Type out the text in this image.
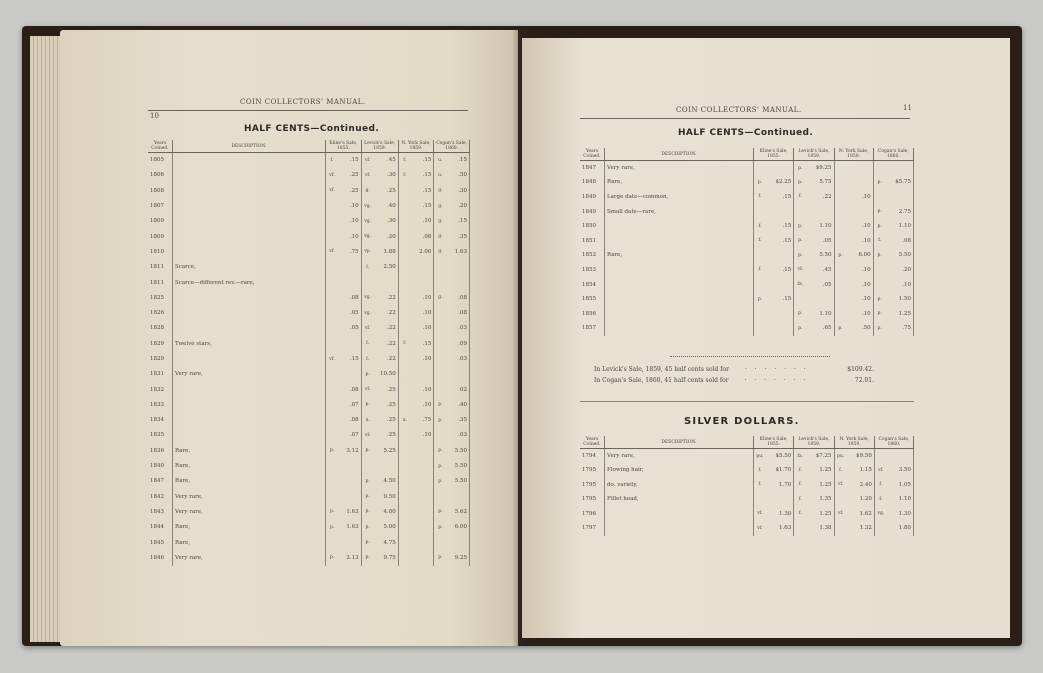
10
COIN COLLECTORS' MANUAL.
HALF CENTS—Continued.
Years Coined.	DESCRIPTION.	Kline's Sale, 1855.		Levick's Sale, 1859.		N. York Sale, 1859.		Cogan's Sale, 1860.	
1805		f.	.15	vf.	.45	f.	.15	u.	.15
1806		vf.	.25	vf.	.30	f.	.15	u.	.50
1808		vf.	.25	g.	.25		.15	g.	.30
1807			.10	vg.	.40		.15	g.	.20
1809			.10	vg.	.30		.10	g.	.15
1809			.10	vg.	.20		.08	g.	.35
1810		vf.	.75	vp.	1.88		2.00	g.	1.63
1811	Scarce,			f.	2.50				
1811	Scarce—different rev.—rare,								
1825			.08	vg.	.22		.10	g.	.08
1826			.05	vg.	.22		.10		.08
1828			.05	vf.	.22		.10		.03
1829	Twelve stars,			f.	.22	f.	.15		.09
1829		vf.	.15	f.	.22		.10		.03
1831	Very rare,			p.	10.50				
1832			.08	vf.	.25		.10		.02
1833			.07	p.	.25		.10	p.	.40
1834			.08	u.	.25	u.	.75	p.	.35
1835			.07	vf.	.25		.10		.03
1836	Rare,	p.	3.12	p.	5.25			p.	5.50
1840	Rare,							p.	5.50
1847	Rare,			p.	4.50			p.	5.50
1842	Very rare,			p.	9.50				
1843	Very rare,	p.	1.63	p.	4.00			p.	5.62
1844	Rare,	p.	1.63	p.	5.00			p.	6.00
1845	Rare,			p.	4.75				
1846	Very rare,	p.	2.13	p.	9.75			p.	9.25
COIN COLLECTORS' MANUAL.	11
HALF CENTS—Continued.
Years Coined.	DESCRIPTION.	Kline's Sale, 1855.		Levick's Sale, 1859.		N. York Sale, 1859.		Cogan's Sale, 1860.	
1847	Very rare,			p.	$9.25				
1848	Rare,	p.	$2.25	p.	5.75			p.	$5.75
1849	Large date—common,	f.	.15	f.	.22		.10		
1849	Small date—rare,							p.	2.75
1850		f.	.15	p.	1.10		.10	p.	1.10
1851		f.	.15	p.	.05		.10	f.	.08
1852	Rare,			p.	5.50	p.	6.00	p.	5.50
1853		f.	.15	vf.	.45		.10		.20
1854				fa.	.05		.10		.10
1855		p.	.15				.10	p.	1.50
1856				p.	1.10		.10	p.	1.25
1857				p.	.65	p.	.50	p.	.75
In Levick's Sale, 1859, 45 half cents sold for	· · · · · · ·	$109.42.
In Cogan's Sale, 1860, 41 half cents sold for	· · · · · · ·	72.01.
SILVER DOLLARS.
Years Coined.	DESCRIPTION.	Kline's Sale, 1855.		Levick's Sale, 1859.		N. York Sale, 1859.		Cogan's Sale, 1860.	
1794	Very rare,	pu.	$5.50	fa.	$7.25	pu.	$9.50		
1795	Flowing hair,	f.	$1.70	f.	1.25	f.	1.15	vf.	3.50
1795	do. variety,	f.	1.70	f.	1.25	vf.	2.40	f.	1.05
1795	Fillet head,			f.	1.35		1.20	f.	1.10
1796		vf.	1.30	f.	1.25	vf.	1.62	vg.	1.30
1797		vf.	1.63		1.38		1.32		1.80
